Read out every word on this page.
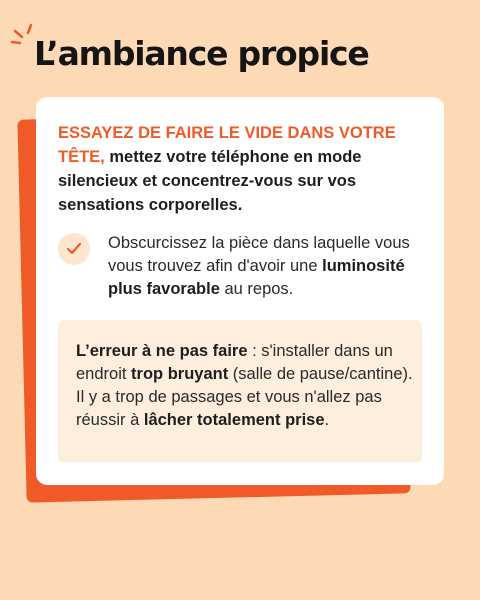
L’ambiance propice

ESSAYEZ DE FAIRE LE VIDE DANS VOTRE TÊTE, mettez votre téléphone en mode silencieux et concentrez-vous sur vos sensations corporelles.

Obscurcissez la pièce dans laquelle vous vous trouvez afin d'avoir une luminosité plus favorable au repos.

L’erreur à ne pas faire : s'installer dans un endroit trop bruyant (salle de pause/cantine). Il y a trop de passages et vous n'allez pas réussir à lâcher totalement prise.
